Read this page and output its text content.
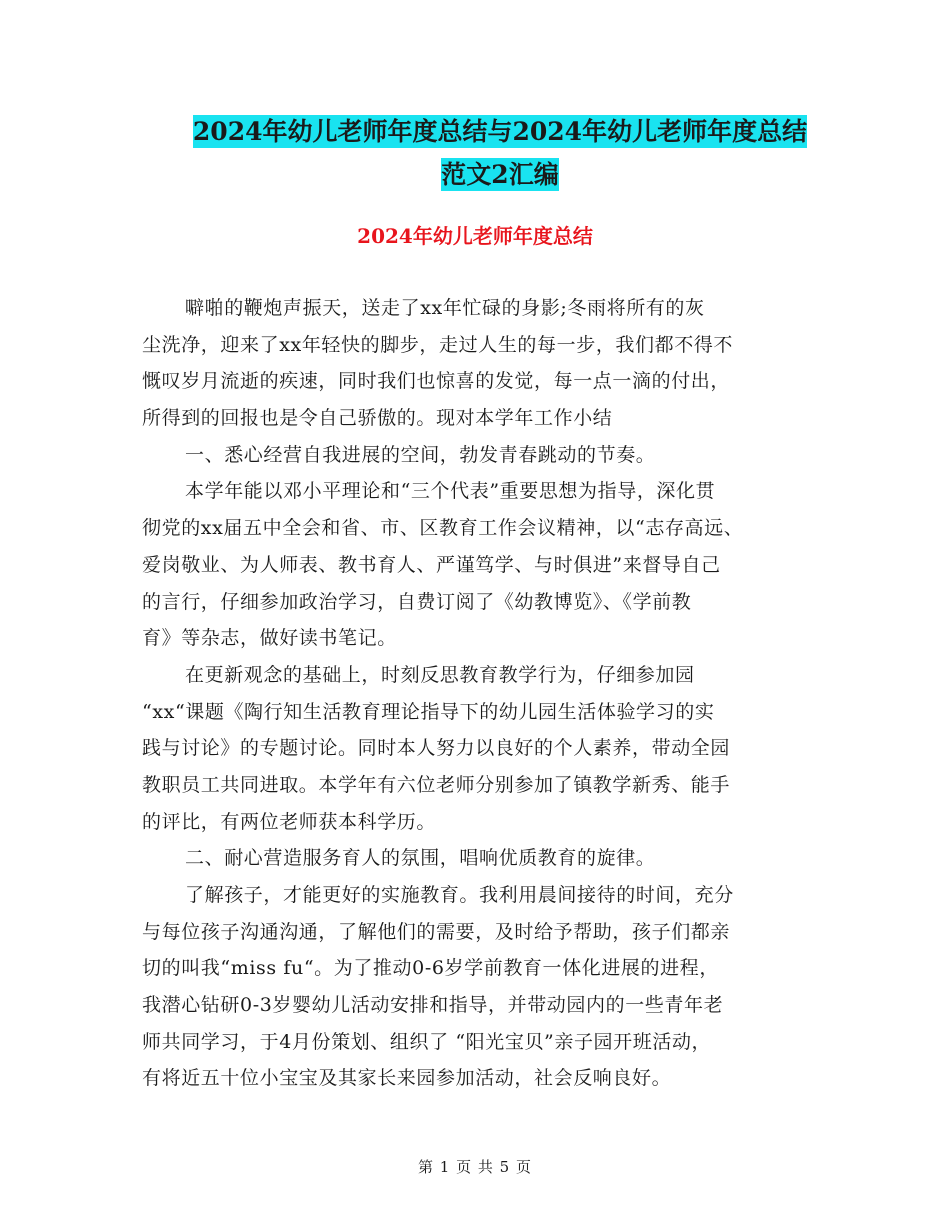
2024年幼儿老师年度总结与2024年幼儿老师年度总结
范文2汇编
2024年幼儿老师年度总结
噼啪的鞭炮声振天，送走了xx年忙碌的身影;冬雨将所有的灰
尘洗净，迎来了xx年轻快的脚步，走过人生的每一步，我们都不得不
慨叹岁月流逝的疾速，同时我们也惊喜的发觉，每一点一滴的付出，
所得到的回报也是令自己骄傲的。现对本学年工作小结
一、悉心经营自我进展的空间，勃发青春跳动的节奏。
本学年能以邓小平理论和“三个代表”重要思想为指导，深化贯
彻党的xx届五中全会和省、市、区教育工作会议精神，以“志存高远、
爱岗敬业、为人师表、教书育人、严谨笃学、与时俱进”来督导自己
的言行，仔细参加政治学习，自费订阅了《幼教博览》、《学前教
育》等杂志，做好读书笔记。
在更新观念的基础上，时刻反思教育教学行为，仔细参加园
“xx“课题《陶行知生活教育理论指导下的幼儿园生活体验学习的实
践与讨论》的专题讨论。同时本人努力以良好的个人素养，带动全园
教职员工共同进取。本学年有六位老师分别参加了镇教学新秀、能手
的评比，有两位老师获本科学历。
二、耐心营造服务育人的氛围，唱响优质教育的旋律。
了解孩子，才能更好的实施教育。我利用晨间接待的时间，充分
与每位孩子沟通沟通，了解他们的需要，及时给予帮助，孩子们都亲
切的叫我“miss fu“。为了推动0-6岁学前教育一体化进展的进程，
我潜心钻研0-3岁婴幼儿活动安排和指导，并带动园内的一些青年老
师共同学习，于4月份策划、组织了 “阳光宝贝”亲子园开班活动，
有将近五十位小宝宝及其家长来园参加活动，社会反响良好。
第 1 页 共 5 页
